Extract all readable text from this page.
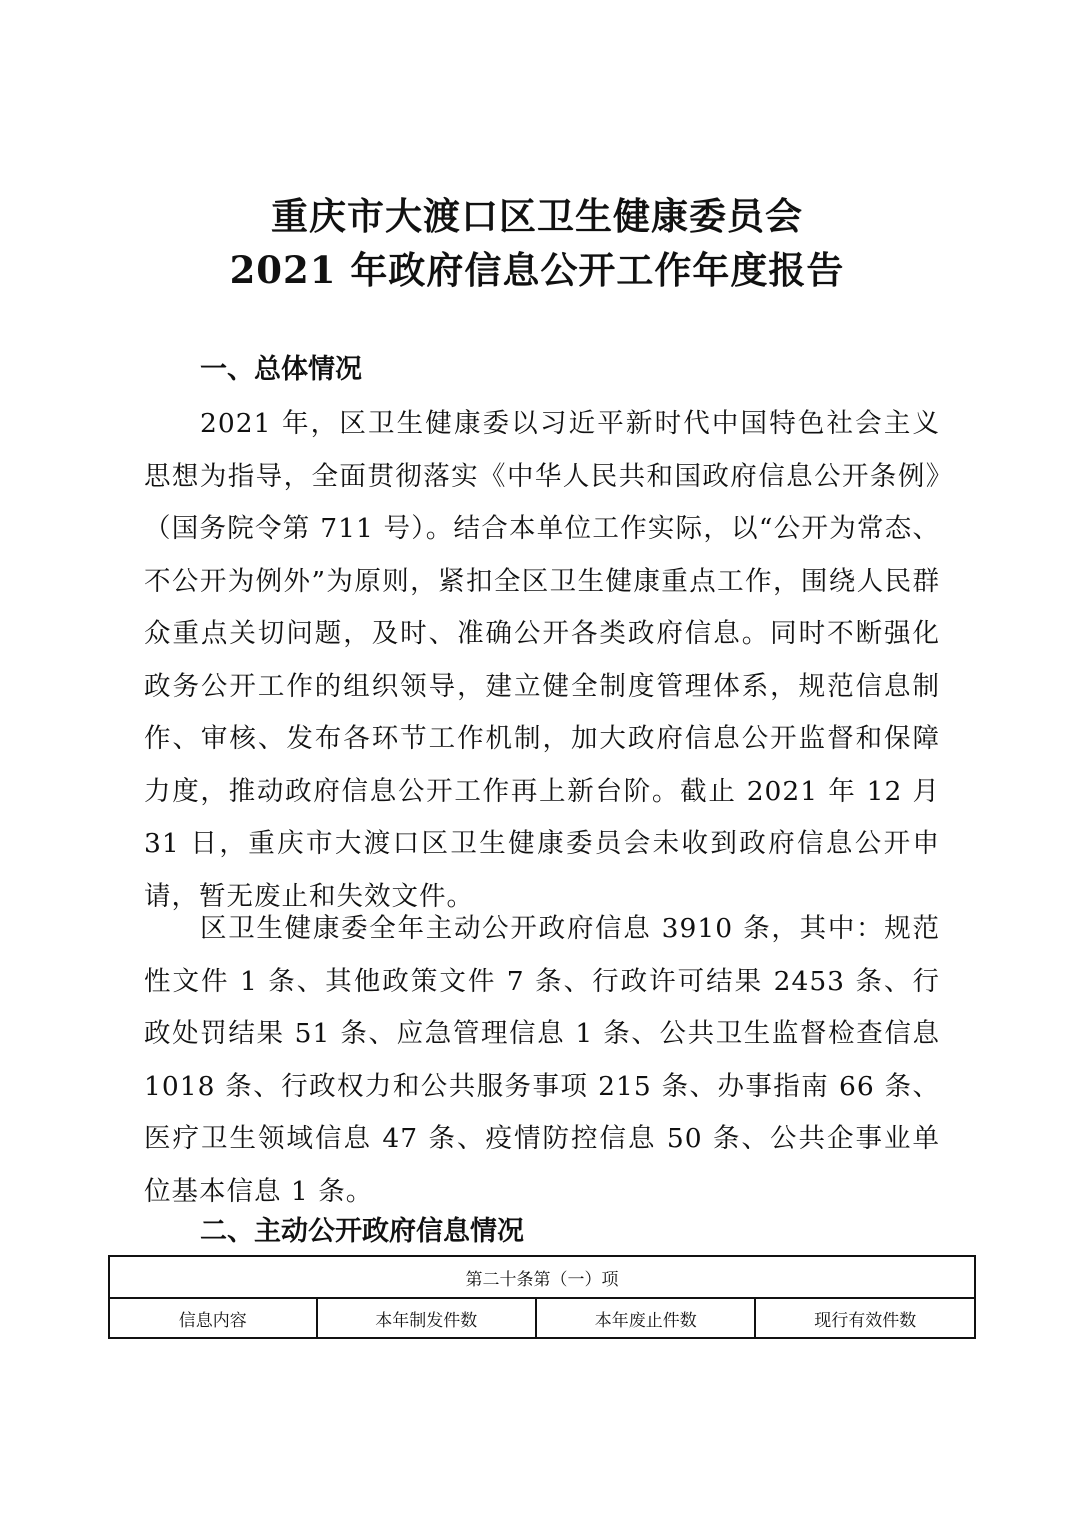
重庆市大渡口区卫生健康委员会
2021 年政府信息公开工作年度报告
一、总体情况

2021 年，区卫生健康委以习近平新时代中国特色社会主义思想为指导，全面贯彻落实《中华人民共和国政府信息公开条例》（国务院令第 711 号）。结合本单位工作实际，以“公开为常态、不公开为例外”为原则，紧扣全区卫生健康重点工作，围绕人民群众重点关切问题，及时、准确公开各类政府信息。同时不断强化政务公开工作的组织领导，建立健全制度管理体系，规范信息制作、审核、发布各环节工作机制，加大政府信息公开监督和保障力度，推动政府信息公开工作再上新台阶。截止 2021 年 12 月 31 日，重庆市大渡口区卫生健康委员会未收到政府信息公开申请，暂无废止和失效文件。

区卫生健康委全年主动公开政府信息 3910 条，其中：规范性文件 1 条、其他政策文件 7 条、行政许可结果 2453 条、行政处罚结果 51 条、应急管理信息 1 条、公共卫生监督检查信息 1018 条、行政权力和公共服务事项 215 条、办事指南 66 条、医疗卫生领域信息 47 条、疫情防控信息 50 条、公共企事业单位基本信息 1 条。

二、主动公开政府信息情况
第二十条第（一）项
信息内容	本年制发件数	本年废止件数	现行有效件数
